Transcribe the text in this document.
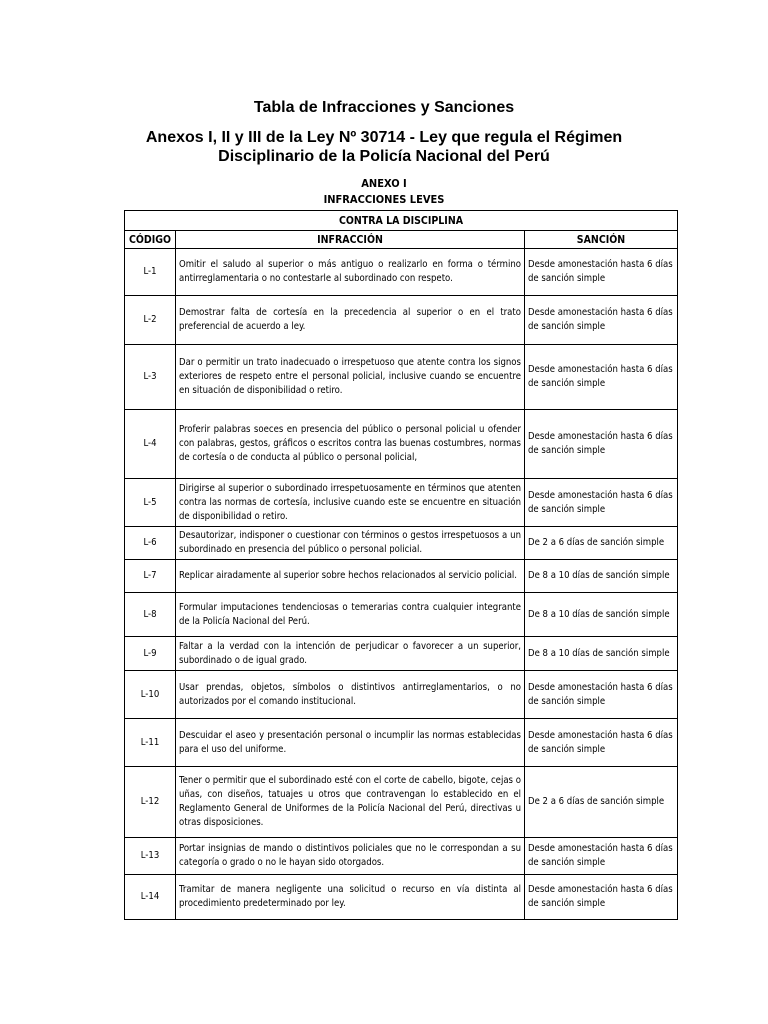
Tabla de Infracciones y Sanciones
Anexos I, II y III de la Ley Nº 30714 - Ley que regula el Régimen Disciplinario de la Policía Nacional del Perú
ANEXO I
INFRACCIONES LEVES
CONTRA LA DISCIPLINA		
CÓDIGO	INFRACCIÓN	SANCIÓN
L-1	Omitir el saludo al superior o más antiguo o realizarlo en forma o término antirreglamentaria o no contestarle al subordinado con respeto.	Desde amonestación hasta 6 días de sanción simple
L-2	Demostrar falta de cortesía en la precedencia al superior o en el trato preferencial de acuerdo a ley.	Desde amonestación hasta 6 días de sanción simple
L-3	Dar o permitir un trato inadecuado o irrespetuoso que atente contra los signos exteriores de respeto entre el personal policial, inclusive cuando se encuentre en situación de disponibilidad o retiro.	Desde amonestación hasta 6 días de sanción simple
L-4	Proferir palabras soeces en presencia del público o personal policial u ofender con palabras, gestos, gráficos o escritos contra las buenas costumbres, normas de cortesía o de conducta al público o personal policial,	Desde amonestación hasta 6 días de sanción simple
L-5	Dirigirse al superior o subordinado irrespetuosamente en términos que atenten contra las normas de cortesía, inclusive cuando este se encuentre en situación de disponibilidad o retiro.	Desde amonestación hasta 6 días de sanción simple
L-6	Desautorizar, indisponer o cuestionar con términos o gestos irrespetuosos a un subordinado en presencia del público o personal policial.	De 2 a 6 días de sanción simple
L-7	Replicar airadamente al superior sobre hechos relacionados al servicio policial.	De 8 a 10 días de sanción simple
L-8	Formular imputaciones tendenciosas o temerarias contra cualquier integrante de la Policía Nacional del Perú.	De 8 a 10 días de sanción simple
L-9	Faltar a la verdad con la intención de perjudicar o favorecer a un superior, subordinado o de igual grado.	De 8 a 10 días de sanción simple
L-10	Usar prendas, objetos, símbolos o distintivos antirreglamentarios, o no autorizados por el comando institucional.	Desde amonestación hasta 6 días de sanción simple
L-11	Descuidar el aseo y presentación personal o incumplir las normas establecidas para el uso del uniforme.	Desde amonestación hasta 6 días de sanción simple
L-12	Tener o permitir que el subordinado esté con el corte de cabello, bigote, cejas o uñas, con diseños, tatuajes u otros que contravengan lo establecido en el Reglamento General de Uniformes de la Policía Nacional del Perú, directivas u otras disposiciones.	De 2 a 6 días de sanción simple
L-13	Portar insignias de mando o distintivos policiales que no le correspondan a su categoría o grado o no le hayan sido otorgados.	Desde amonestación hasta 6 días de sanción simple
L-14	Tramitar de manera negligente una solicitud o recurso en vía distinta al procedimiento predeterminado por ley.	Desde amonestación hasta 6 días de sanción simple
